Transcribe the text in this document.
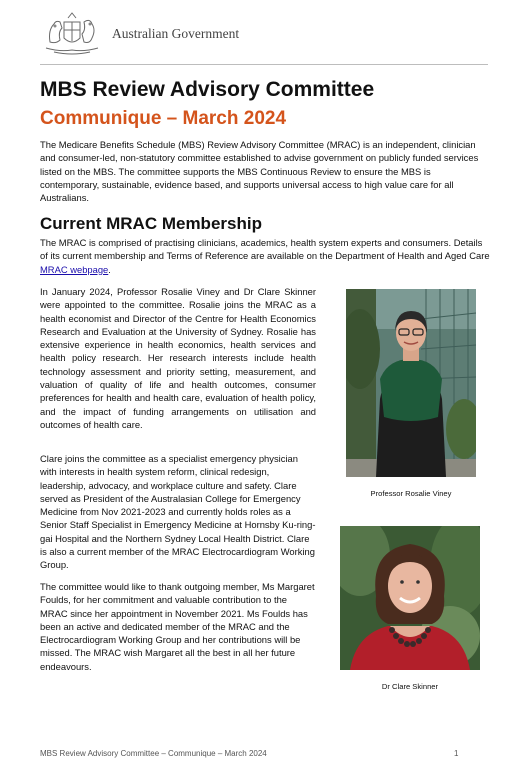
Australian Government
MBS Review Advisory Committee
Communique – March 2024

The Medicare Benefits Schedule (MBS) Review Advisory Committee (MRAC) is an independent, clinician and consumer-led, non-statutory committee established to advise government on publicly funded services listed on the MBS. The committee supports the MBS Continuous Review to ensure the MBS is contemporary, sustainable, evidence based, and supports universal access to high value care for all Australians.

Current MRAC Membership

The MRAC is comprised of practising clinicians, academics, health system experts and consumers. Details of its current membership and Terms of Reference are available on the Department of Health and Aged Care MRAC webpage.

In January 2024, Professor Rosalie Viney and Dr Clare Skinner were appointed to the committee. Rosalie joins the MRAC as a health economist and Director of the Centre for Health Economics Research and Evaluation at the University of Sydney. Rosalie has extensive experience in health economics, health services and health policy research. Her research interests include health technology assessment and priority setting, measurement, and valuation of quality of life and health outcomes, consumer preferences for health and health care, evaluation of health policy, and the impact of funding arrangements on utilisation and outcomes of health care.

Clare joins the committee as a specialist emergency physician with interests in health system reform, clinical redesign, leadership, advocacy, and workplace culture and safety. Clare served as President of the Australasian College for Emergency Medicine from Nov 2021-2023 and currently holds roles as a Senior Staff Specialist in Emergency Medicine at Hornsby Ku-ring-gai Hospital and the Northern Sydney Local Health District. Clare is also a current member of the MRAC Electrocardiogram Working Group.

The committee would like to thank outgoing member, Ms Margaret Foulds, for her commitment and valuable contribution to the MRAC since her appointment in November 2021. Ms Foulds has been an active and dedicated member of the MRAC and the Electrocardiogram Working Group and her contributions will be missed. The MRAC wish Margaret all the best in all her future endeavours.

Professor Rosalie Viney
Dr Clare Skinner
MBS Review Advisory Committee – Communique – March 2024	1
